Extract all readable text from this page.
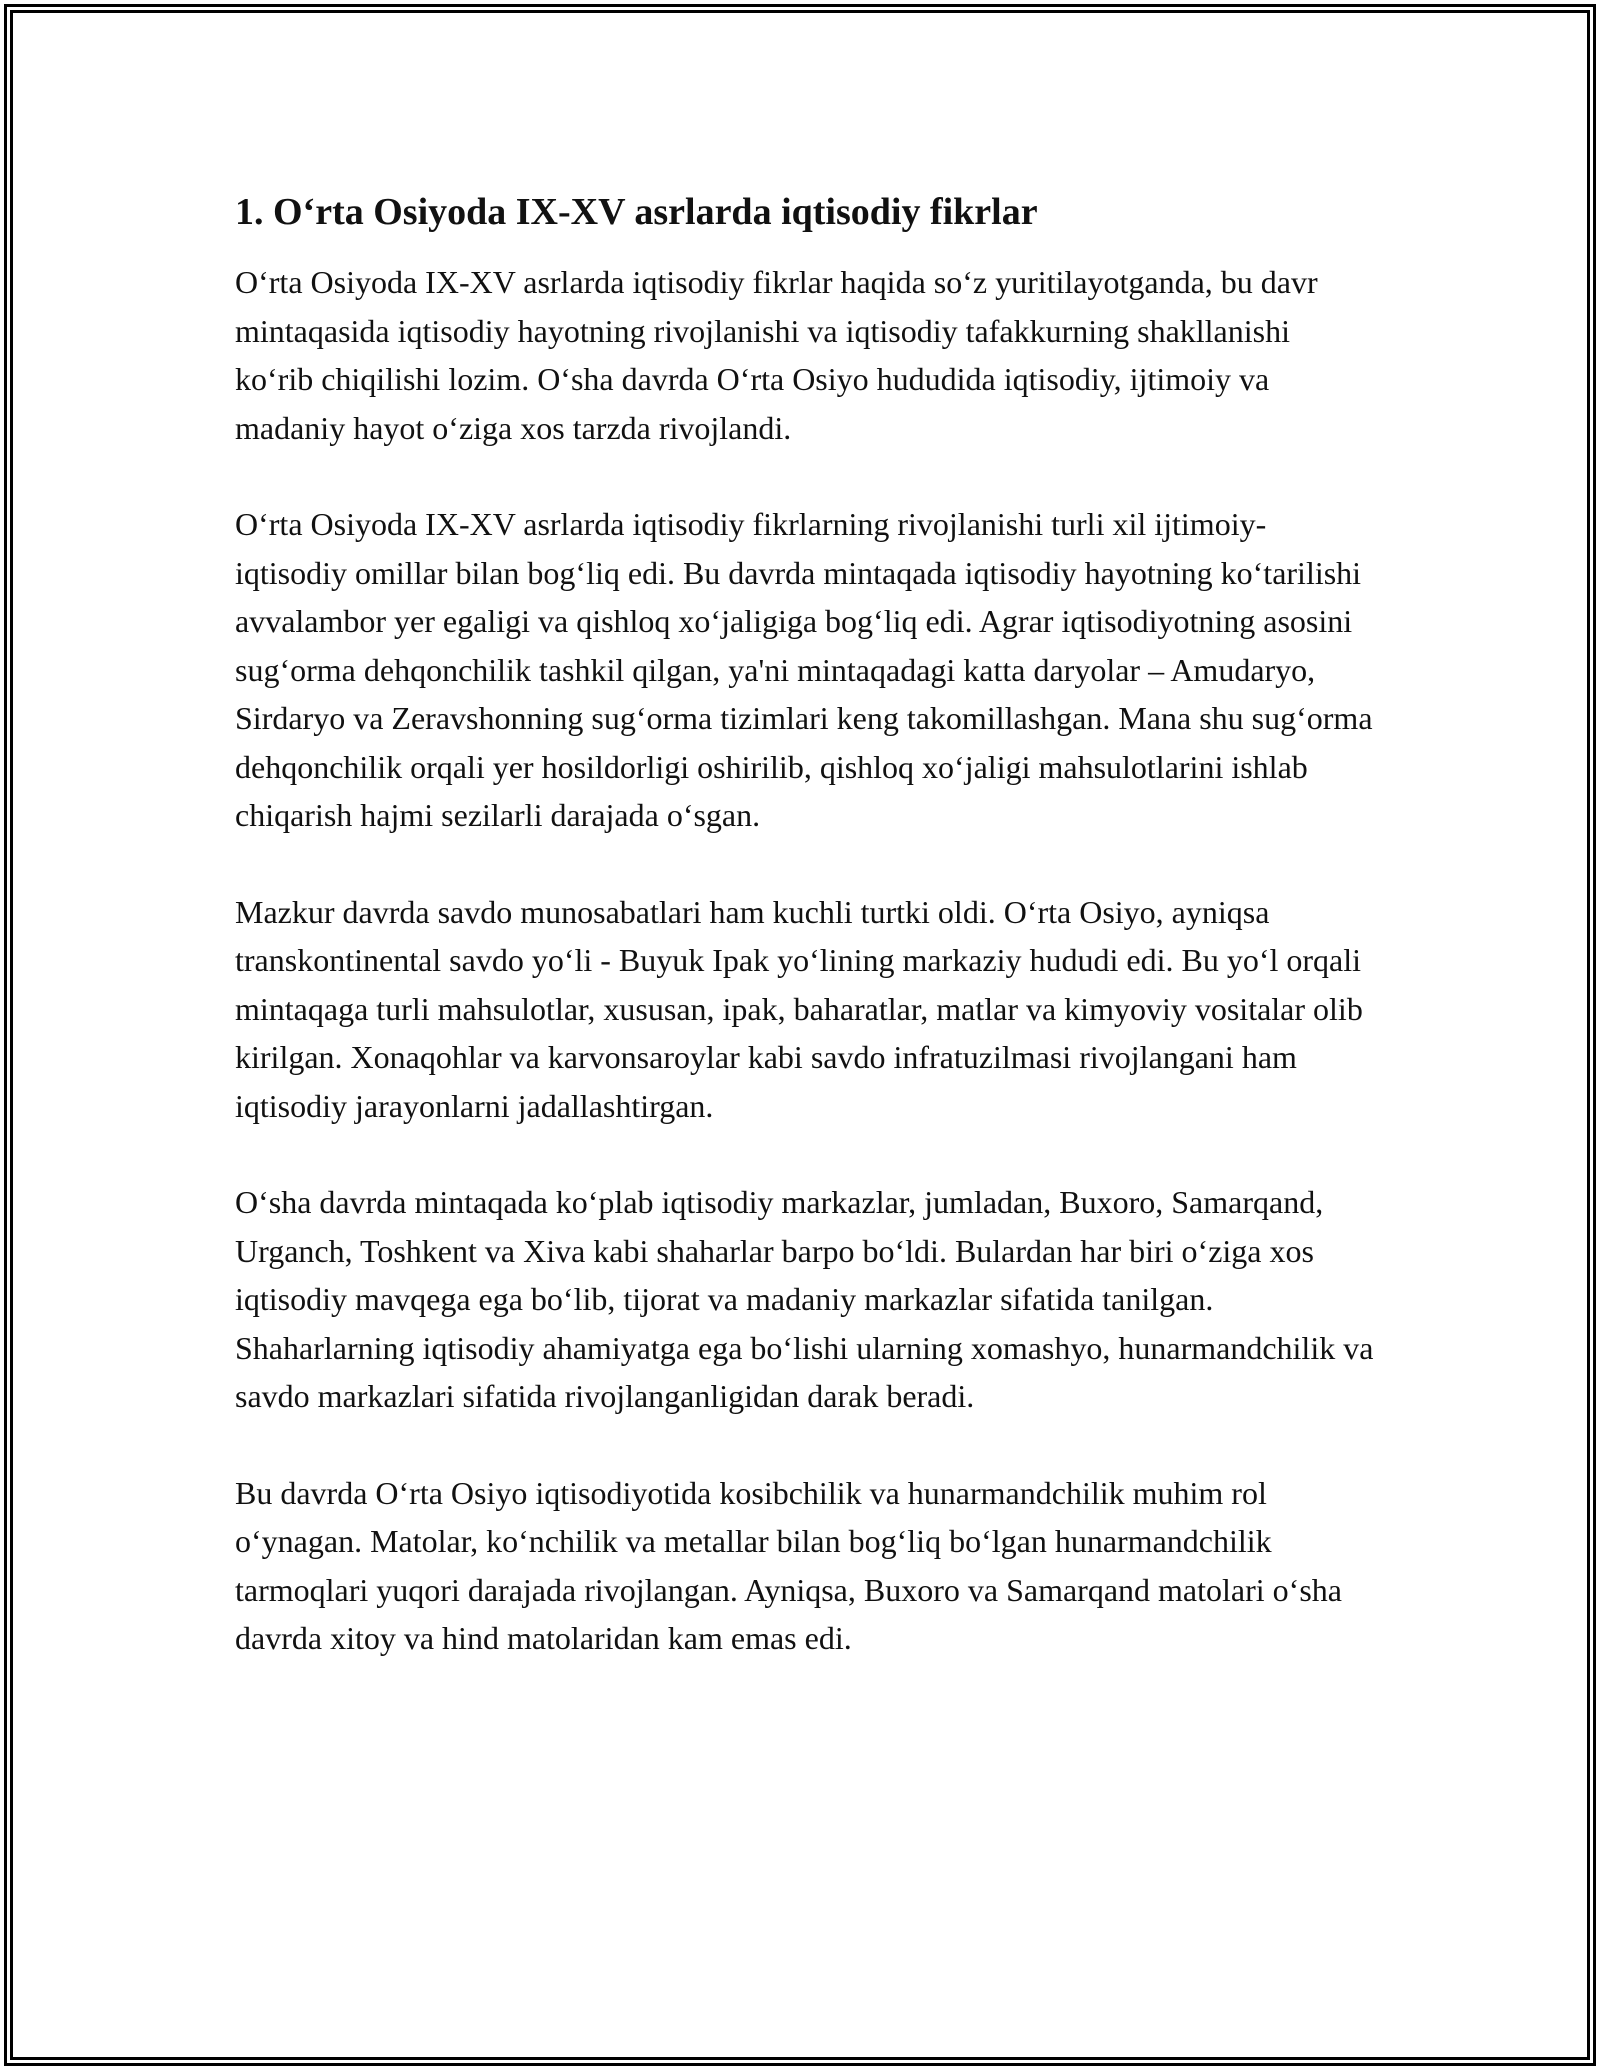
1. O‘rta Osiyoda IX-XV asrlarda iqtisodiy fikrlar

O‘rta Osiyoda IX-XV asrlarda iqtisodiy fikrlar haqida so‘z yuritilayotganda, bu davr mintaqasida iqtisodiy hayotning rivojlanishi va iqtisodiy tafakkurning shakllanishi ko‘rib chiqilishi lozim. O‘sha davrda O‘rta Osiyo hududida iqtisodiy, ijtimoiy va madaniy hayot o‘ziga xos tarzda rivojlandi.

O‘rta Osiyoda IX-XV asrlarda iqtisodiy fikrlarning rivojlanishi turli xil ijtimoiy-iqtisodiy omillar bilan bog‘liq edi. Bu davrda mintaqada iqtisodiy hayotning ko‘tarilishi avvalambor yer egaligi va qishloq xo‘jaligiga bog‘liq edi. Agrar iqtisodiyotning asosini sug‘orma dehqonchilik tashkil qilgan, ya'ni mintaqadagi katta daryolar – Amudaryo, Sirdaryo va Zeravshonning sug‘orma tizimlari keng takomillashgan. Mana shu sug‘orma dehqonchilik orqali yer hosildorligi oshirilib, qishloq xo‘jaligi mahsulotlarini ishlab chiqarish hajmi sezilarli darajada o‘sgan.

Mazkur davrda savdo munosabatlari ham kuchli turtki oldi. O‘rta Osiyo, ayniqsa transkontinental savdo yo‘li - Buyuk Ipak yo‘lining markaziy hududi edi. Bu yo‘l orqali mintaqaga turli mahsulotlar, xususan, ipak, baharatlar, matlar va kimyoviy vositalar olib kirilgan. Xonaqohlar va karvonsaroylar kabi savdo infratuzilmasi rivojlangani ham iqtisodiy jarayonlarni jadallashtirgan.

O‘sha davrda mintaqada ko‘plab iqtisodiy markazlar, jumladan, Buxoro, Samarqand, Urganch, Toshkent va Xiva kabi shaharlar barpo bo‘ldi. Bulardan har biri o‘ziga xos iqtisodiy mavqega ega bo‘lib, tijorat va madaniy markazlar sifatida tanilgan. Shaharlarning iqtisodiy ahamiyatga ega bo‘lishi ularning xomashyo, hunarmandchilik va savdo markazlari sifatida rivojlanganligidan darak beradi.

Bu davrda O‘rta Osiyo iqtisodiyotida kosibchilik va hunarmandchilik muhim rol o‘ynagan. Matolar, ko‘nchilik va metallar bilan bog‘liq bo‘lgan hunarmandchilik tarmoqlari yuqori darajada rivojlangan. Ayniqsa, Buxoro va Samarqand matolari o‘sha davrda xitoy va hind matolaridan kam emas edi.
